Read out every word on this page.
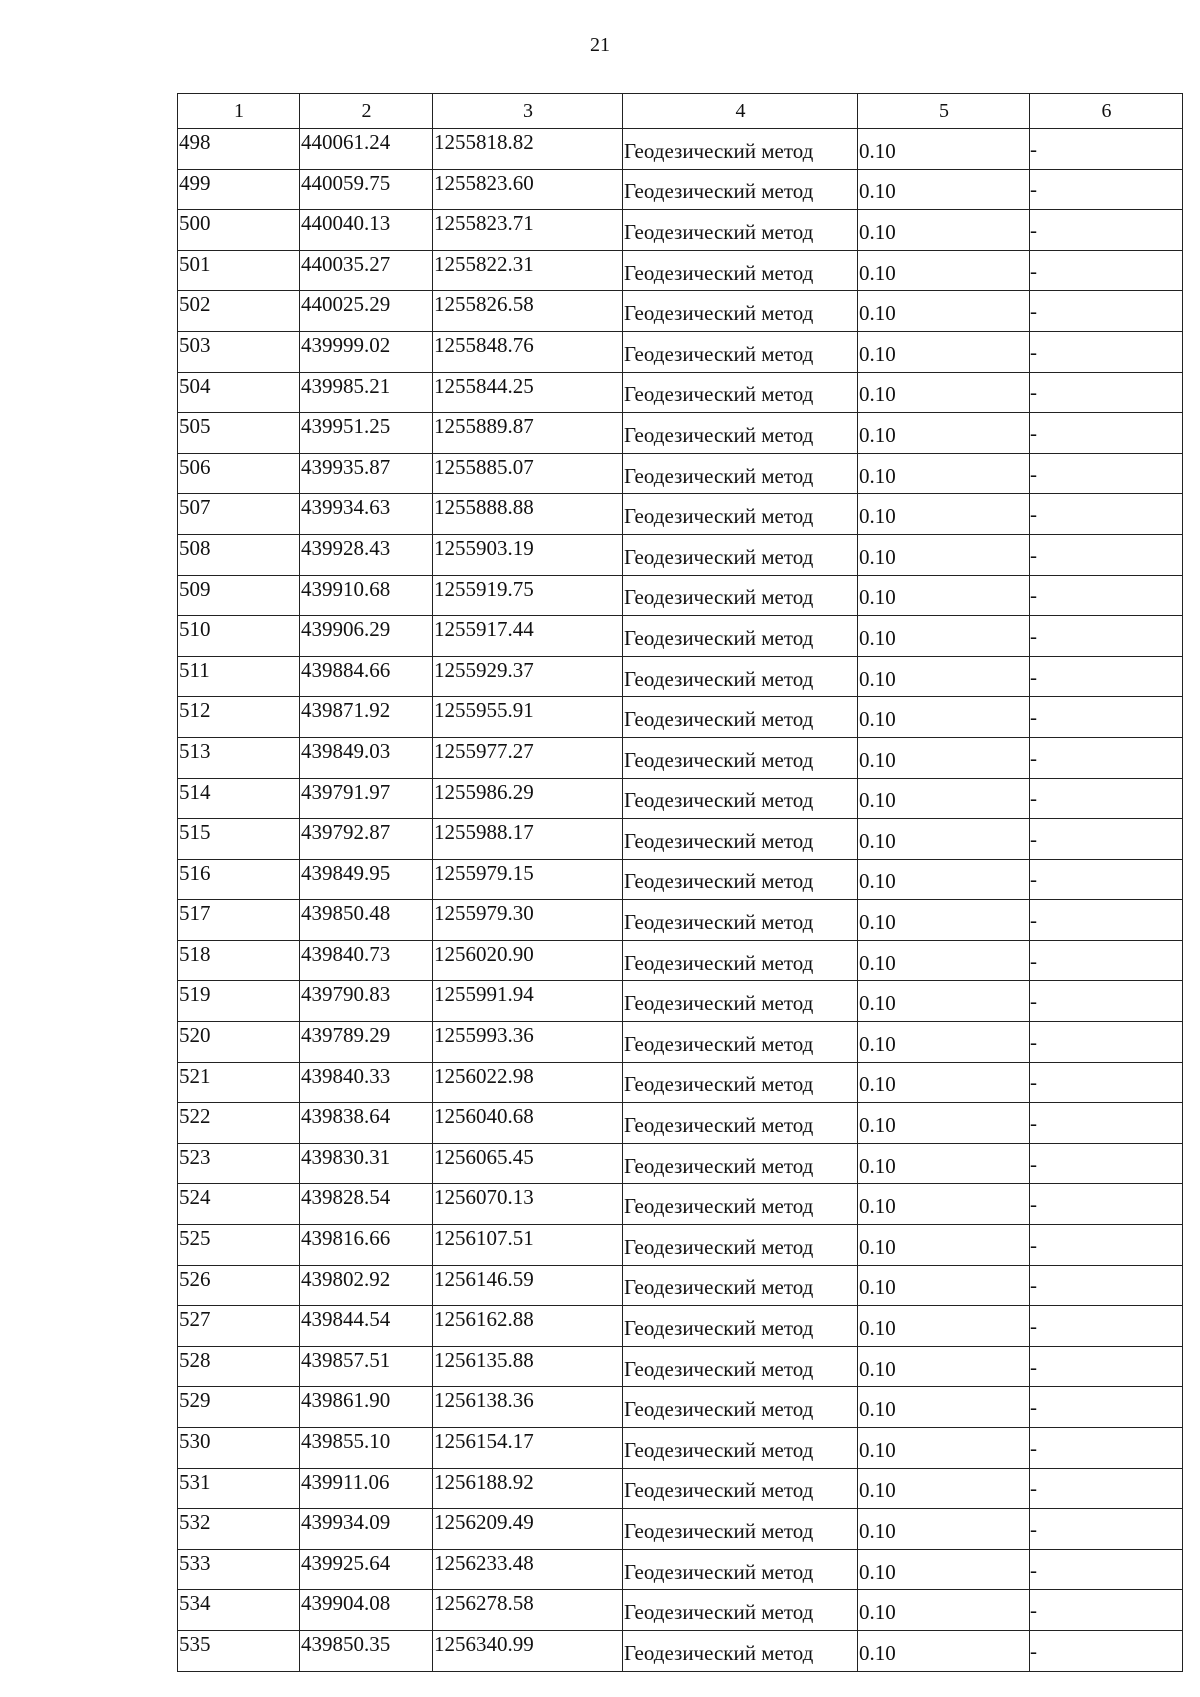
21
1	2	3	4	5	6
498	440061.24	1255818.82	Геодезический метод	0.10	-
499	440059.75	1255823.60	Геодезический метод	0.10	-
500	440040.13	1255823.71	Геодезический метод	0.10	-
501	440035.27	1255822.31	Геодезический метод	0.10	-
502	440025.29	1255826.58	Геодезический метод	0.10	-
503	439999.02	1255848.76	Геодезический метод	0.10	-
504	439985.21	1255844.25	Геодезический метод	0.10	-
505	439951.25	1255889.87	Геодезический метод	0.10	-
506	439935.87	1255885.07	Геодезический метод	0.10	-
507	439934.63	1255888.88	Геодезический метод	0.10	-
508	439928.43	1255903.19	Геодезический метод	0.10	-
509	439910.68	1255919.75	Геодезический метод	0.10	-
510	439906.29	1255917.44	Геодезический метод	0.10	-
511	439884.66	1255929.37	Геодезический метод	0.10	-
512	439871.92	1255955.91	Геодезический метод	0.10	-
513	439849.03	1255977.27	Геодезический метод	0.10	-
514	439791.97	1255986.29	Геодезический метод	0.10	-
515	439792.87	1255988.17	Геодезический метод	0.10	-
516	439849.95	1255979.15	Геодезический метод	0.10	-
517	439850.48	1255979.30	Геодезический метод	0.10	-
518	439840.73	1256020.90	Геодезический метод	0.10	-
519	439790.83	1255991.94	Геодезический метод	0.10	-
520	439789.29	1255993.36	Геодезический метод	0.10	-
521	439840.33	1256022.98	Геодезический метод	0.10	-
522	439838.64	1256040.68	Геодезический метод	0.10	-
523	439830.31	1256065.45	Геодезический метод	0.10	-
524	439828.54	1256070.13	Геодезический метод	0.10	-
525	439816.66	1256107.51	Геодезический метод	0.10	-
526	439802.92	1256146.59	Геодезический метод	0.10	-
527	439844.54	1256162.88	Геодезический метод	0.10	-
528	439857.51	1256135.88	Геодезический метод	0.10	-
529	439861.90	1256138.36	Геодезический метод	0.10	-
530	439855.10	1256154.17	Геодезический метод	0.10	-
531	439911.06	1256188.92	Геодезический метод	0.10	-
532	439934.09	1256209.49	Геодезический метод	0.10	-
533	439925.64	1256233.48	Геодезический метод	0.10	-
534	439904.08	1256278.58	Геодезический метод	0.10	-
535	439850.35	1256340.99	Геодезический метод	0.10	-
